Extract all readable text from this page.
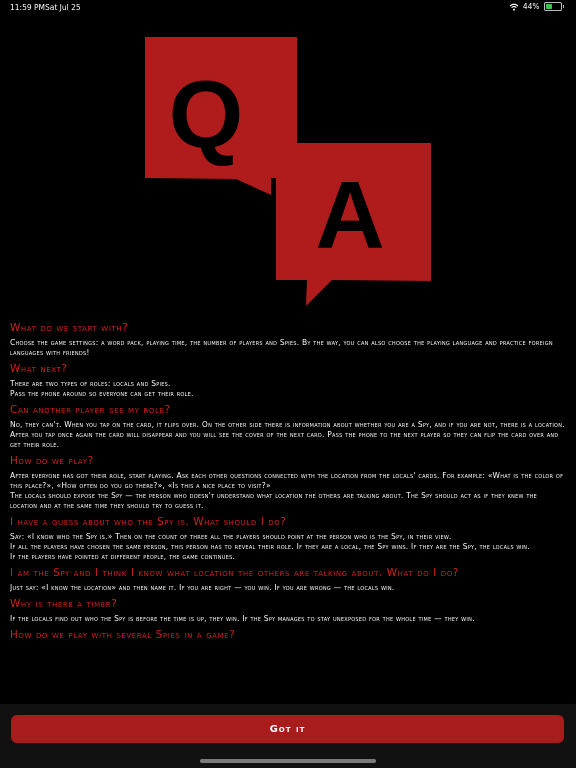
11:59 PM Sat Jul 25	44%
Q
A
What do we start with?

Choose the game settings: a word pack, playing time, the number of players and Spies. By the way, you can also choose the playing language and practice foreign languages with friends!

What next?

There are two types of roles: locals and Spies.
Pass the phone around so everyone can get their role.

Can another player see my role?

No, they can't. When you tap on the card, it flips over. On the other side there is information about whether you are a Spy, and if you are not, there is a location. After you tap once again the card will disappear and you will see the cover of the next card. Pass the phone to the next player so they can flip the card over and get their role.

How do we play?

After everyone has got their role, start playing. Ask each other questions connected with the location from the locals' cards. For example: «What is the color of this place?», «How often do you go there?», «Is this a nice place to visit?»
The locals should expose the Spy — the person who doesn't understand what location the others are talking about. The Spy should act as if they knew the location and at the same time they should try to guess it.

I have a guess about who the Spy is. What should I do?

Say: «I know who the Spy is.» Then on the count of three all the players should point at the person who is the Spy, in their view.
If all the players have chosen the same person, this person has to reveal their role. If they are a local, the Spy wins. If they are the Spy, the locals win.
If the players have pointed at different people, the game continues.

I am the Spy and I think I know what location the others are talking about. What do I do?

Just say: «I know the location» and then name it. If you are right — you win. If you are wrong — the locals win.

Why is there a timer?

If the locals find out who the Spy is before the time is up, they win. If the Spy manages to stay unexposed for the whole time — they win.

How do we play with several Spies in a game?

Got it
